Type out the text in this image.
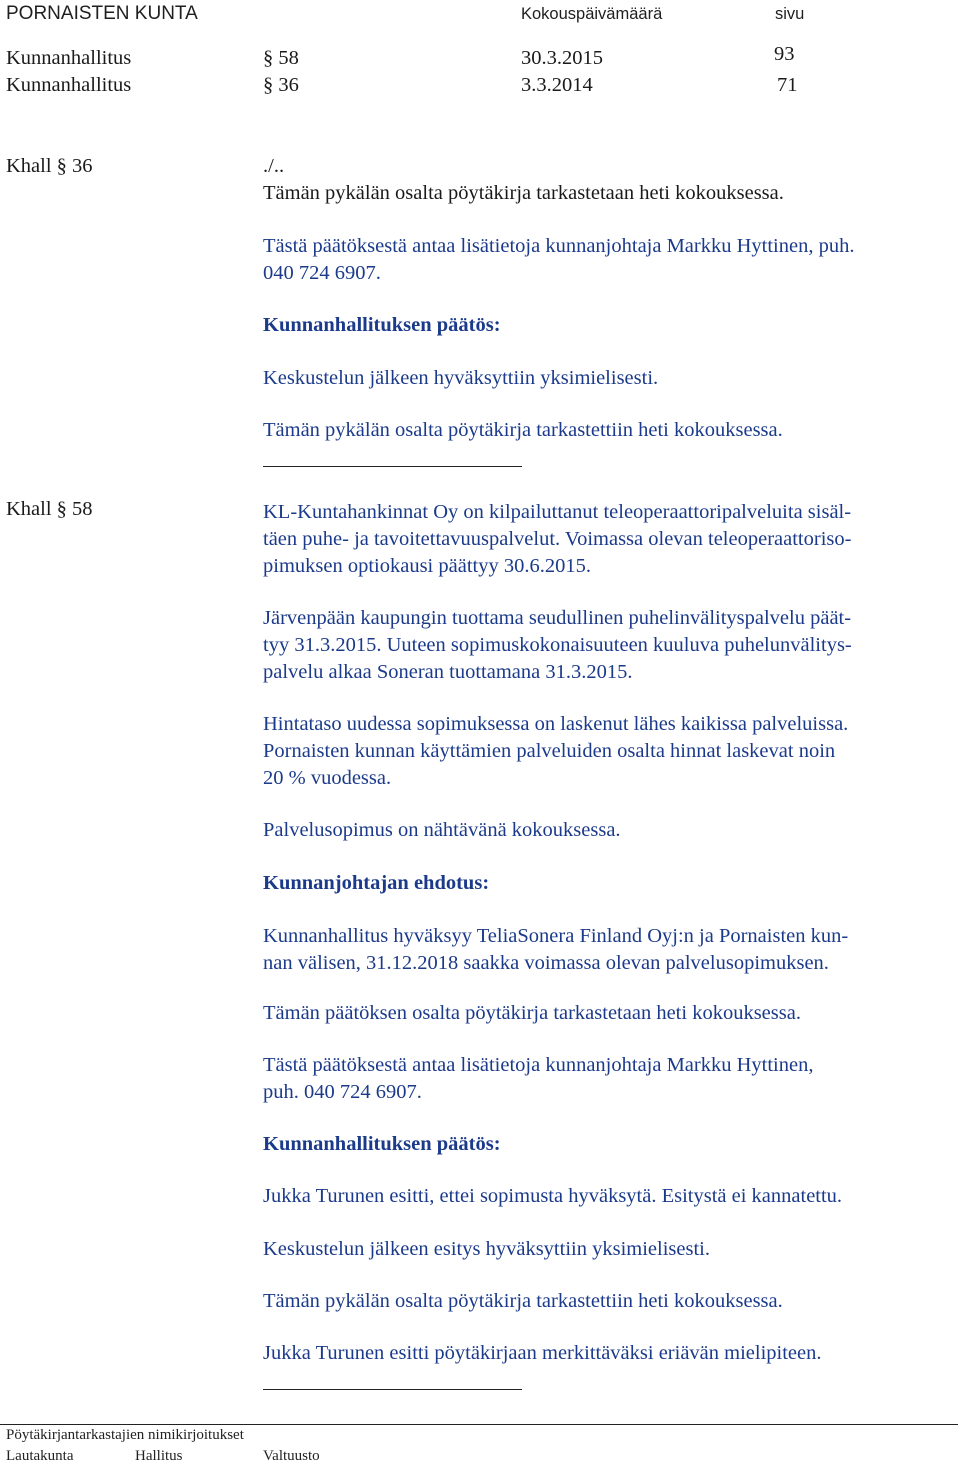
PORNAISTEN KUNTA	Kokouspäivämäärä	sivu
Kunnanhallitus	§ 58	30.3.2015	93
Kunnanhallitus	§ 36	3.3.2014	71
Khall § 36	./..
Tämän pykälän osalta pöytäkirja tarkastetaan heti kokouksessa.
Tästä päätöksestä antaa lisätietoja kunnanjohtaja Markku Hyttinen, puh.
040 724 6907.
Kunnanhallituksen päätös:
Keskustelun jälkeen hyväksyttiin yksimielisesti.
Tämän pykälän osalta pöytäkirja tarkastettiin heti kokouksessa.
Khall § 58	KL-Kuntahankinnat Oy on kilpailuttanut teleoperaattoripalveluita sisäl-
täen puhe- ja tavoitettavuuspalvelut. Voimassa olevan teleoperaattoriso-
pimuksen optiokausi päättyy 30.6.2015.
Järvenpään kaupungin tuottama seudullinen puhelinvälityspalvelu päät-
tyy 31.3.2015. Uuteen sopimuskokonaisuuteen kuuluva puhelunvälitys-
palvelu alkaa Soneran tuottamana 31.3.2015.
Hintataso uudessa sopimuksessa on laskenut lähes kaikissa palveluissa.
Pornaisten kunnan käyttämien palveluiden osalta hinnat laskevat noin
20 % vuodessa.
Palvelusopimus on nähtävänä kokouksessa.
Kunnanjohtajan ehdotus:
Kunnanhallitus hyväksyy TeliaSonera Finland Oyj:n ja Pornaisten kun-
nan välisen, 31.12.2018 saakka voimassa olevan palvelusopimuksen.
Tämän päätöksen osalta pöytäkirja tarkastetaan heti kokouksessa.
Tästä päätöksestä antaa lisätietoja kunnanjohtaja Markku Hyttinen,
puh. 040 724 6907.
Kunnanhallituksen päätös:
Jukka Turunen esitti, ettei sopimusta hyväksytä. Esitystä ei kannatettu.
Keskustelun jälkeen esitys hyväksyttiin yksimielisesti.
Tämän pykälän osalta pöytäkirja tarkastettiin heti kokouksessa.
Jukka Turunen esitti pöytäkirjaan merkittäväksi eriävän mielipiteen.
Pöytäkirjantarkastajien nimikirjoitukset
Lautakunta	Hallitus	Valtuusto
